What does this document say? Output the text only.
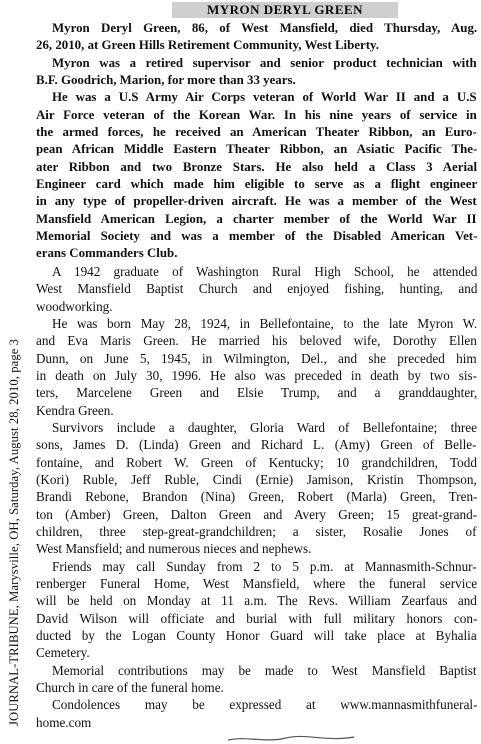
JOURNAL-TRIBUNE, Marysville, OH, Saturday, August 28, 2010, page 3
MYRON DERYL GREEN

Myron Deryl Green, 86, of West Mansfield, died Thursday, Aug.
26, 2010, at Green Hills Retirement Community, West Liberty.

Myron was a retired supervisor and senior product technician with
B.F. Goodrich, Marion, for more than 33 years.

He was a U.S Army Air Corps veteran of World War II and a U.S
Air Force veteran of the Korean War. In his nine years of service in
the armed forces, he received an American Theater Ribbon, an Euro-
pean African Middle Eastern Theater Ribbon, an Asiatic Pacific The-
ater Ribbon and two Bronze Stars. He also held a Class 3 Aerial
Engineer card which made him eligible to serve as a flight engineer
in any type of propeller-driven aircraft. He was a member of the West
Mansfield American Legion, a charter member of the World War II
Memorial Society and was a member of the Disabled American Vet-
erans Commanders Club.

A 1942 graduate of Washington Rural High School, he attended
West Mansfield Baptist Church and enjoyed fishing, hunting, and
woodworking.

He was born May 28, 1924, in Bellefontaine, to the late Myron W.
and Eva Maris Green. He married his beloved wife, Dorothy Ellen
Dunn, on June 5, 1945, in Wilmington, Del., and she preceded him
in death on July 30, 1996. He also was preceded in death by two sis-
ters, Marcelene Green and Elsie Trump, and a granddaughter,
Kendra Green.

Survivors include a daughter, Gloria Ward of Bellefontaine; three
sons, James D. (Linda) Green and Richard L. (Amy) Green of Belle-
fontaine, and Robert W. Green of Kentucky; 10 grandchildren, Todd
(Kori) Ruble, Jeff Ruble, Cindi (Ernie) Jamison, Kristin Thompson,
Brandi Rebone, Brandon (Nina) Green, Robert (Marla) Green, Tren-
ton (Amber) Green, Dalton Green and Avery Green; 15 great-grand-
children, three step-great-grandchildren; a sister, Rosalie Jones of
West Mansfield; and numerous nieces and nephews.

Friends may call Sunday from 2 to 5 p.m. at Mannasmith-Schnur-
renberger Funeral Home, West Mansfield, where the funeral service
will be held on Monday at 11 a.m. The Revs. William Zearfaus and
David Wilson will officiate and burial with full military honors con-
ducted by the Logan County Honor Guard will take place at Byhalia
Cemetery.

Memorial contributions may be made to West Mansfield Baptist
Church in care of the funeral home.

Condolences may be expressed at www.mannasmithfuneral-
home.com
